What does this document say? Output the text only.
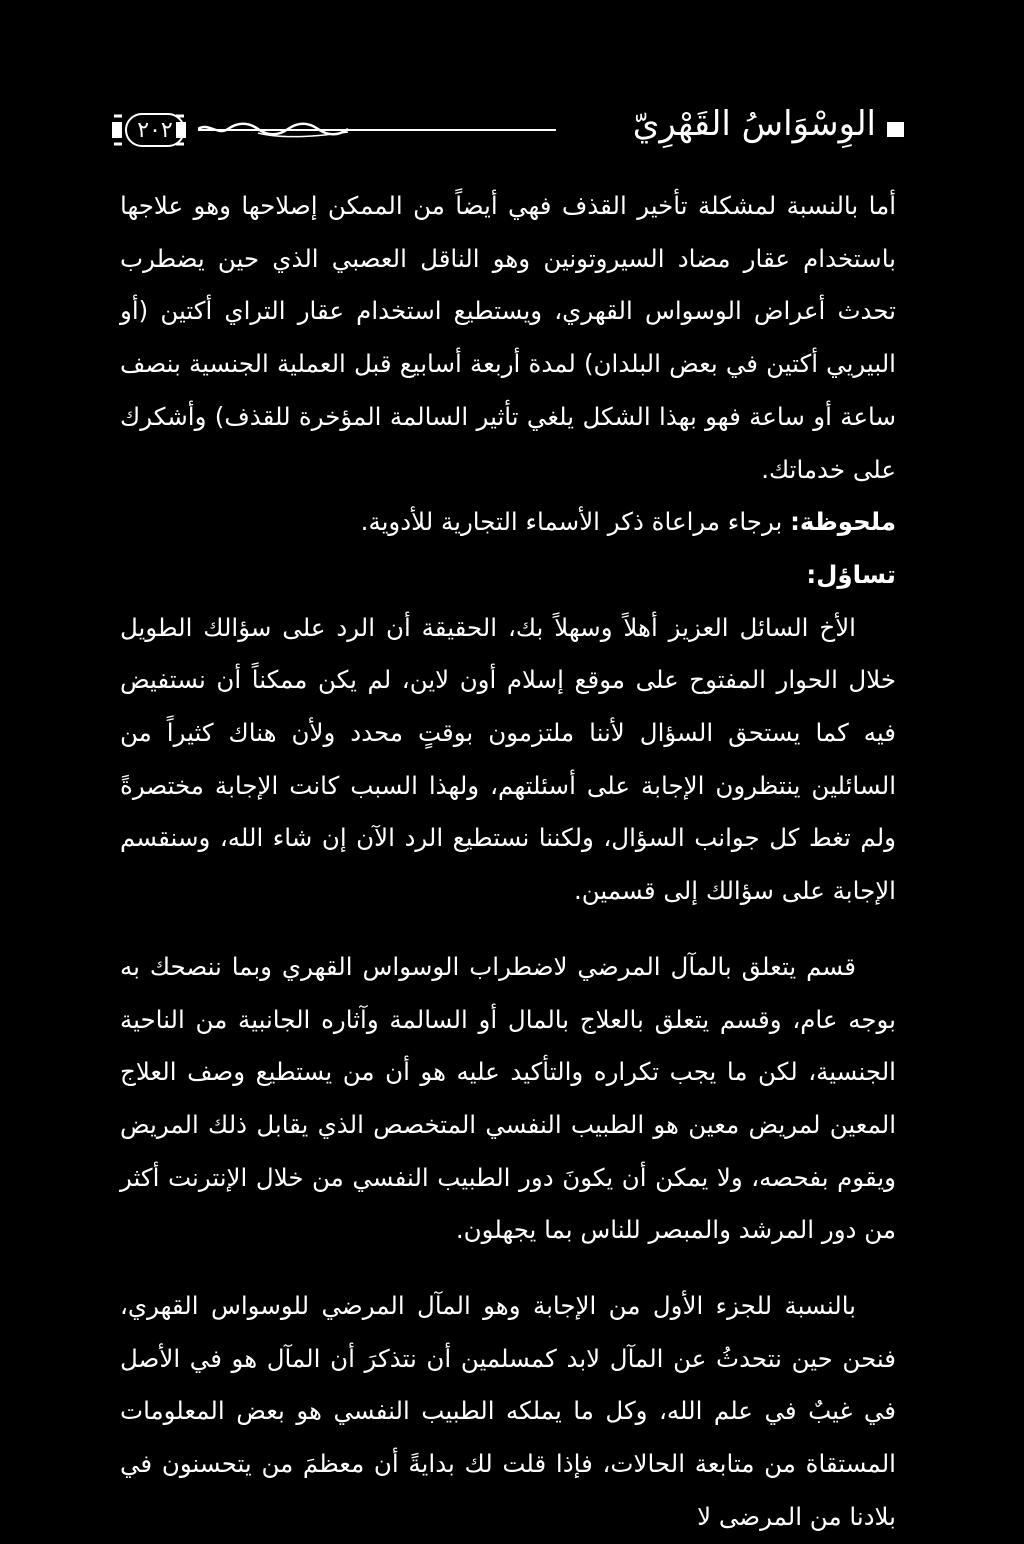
الوِسْوَاسُ القَهْرِيّ
٢٠٢

أما بالنسبة لمشكلة تأخير القذف فهي أيضاً من الممكن إصلاحها وهو علاجها باستخدام عقار مضاد السيروتونين وهو الناقل العصبي الذي حين يضطرب تحدث أعراض الوسواس القهري، ويستطيع استخدام عقار التراي أكتين (أو البيريي أكتين في بعض البلدان) لمدة أربعة أسابيع قبل العملية الجنسية بنصف ساعة أو ساعة فهو بهذا الشكل يلغي تأثير السالمة المؤخرة للقذف) وأشكرك على خدماتك.

ملحوظة: برجاء مراعاة ذكر الأسماء التجارية للأدوية.

تساؤل:

الأخ السائل العزيز أهلاً وسهلاً بك، الحقيقة أن الرد على سؤالك الطويل خلال الحوار المفتوح على موقع إسلام أون لاين، لم يكن ممكناً أن نستفيض فيه كما يستحق السؤال لأننا ملتزمون بوقتٍ محدد ولأن هناك كثيراً من السائلين ينتظرون الإجابة على أسئلتهم، ولهذا السبب كانت الإجابة مختصرةً ولم تغط كل جوانب السؤال، ولكننا نستطيع الرد الآن إن شاء الله، وسنقسم الإجابة على سؤالك إلى قسمين.

قسم يتعلق بالمآل المرضي لاضطراب الوسواس القهري وبما ننصحك به بوجه عام، وقسم يتعلق بالعلاج بالمال أو السالمة وآثاره الجانبية من الناحية الجنسية، لكن ما يجب تكراره والتأكيد عليه هو أن من يستطيع وصف العلاج المعين لمريض معين هو الطبيب النفسي المتخصص الذي يقابل ذلك المريض ويقوم بفحصه، ولا يمكن أن يكونَ دور الطبيب النفسي من خلال الإنترنت أكثر من دور المرشد والمبصر للناس بما يجهلون.

بالنسبة للجزء الأول من الإجابة وهو المآل المرضي للوسواس القهري، فنحن حين نتحدثُ عن المآل لابد كمسلمين أن نتذكرَ أن المآل هو في الأصل في غيبٌ في علم الله، وكل ما يملكه الطبيب النفسي هو بعض المعلومات المستقاة من متابعة الحالات، فإذا قلت لك بدايةً أن معظمَ من يتحسنون في بلادنا من المرضى لا
